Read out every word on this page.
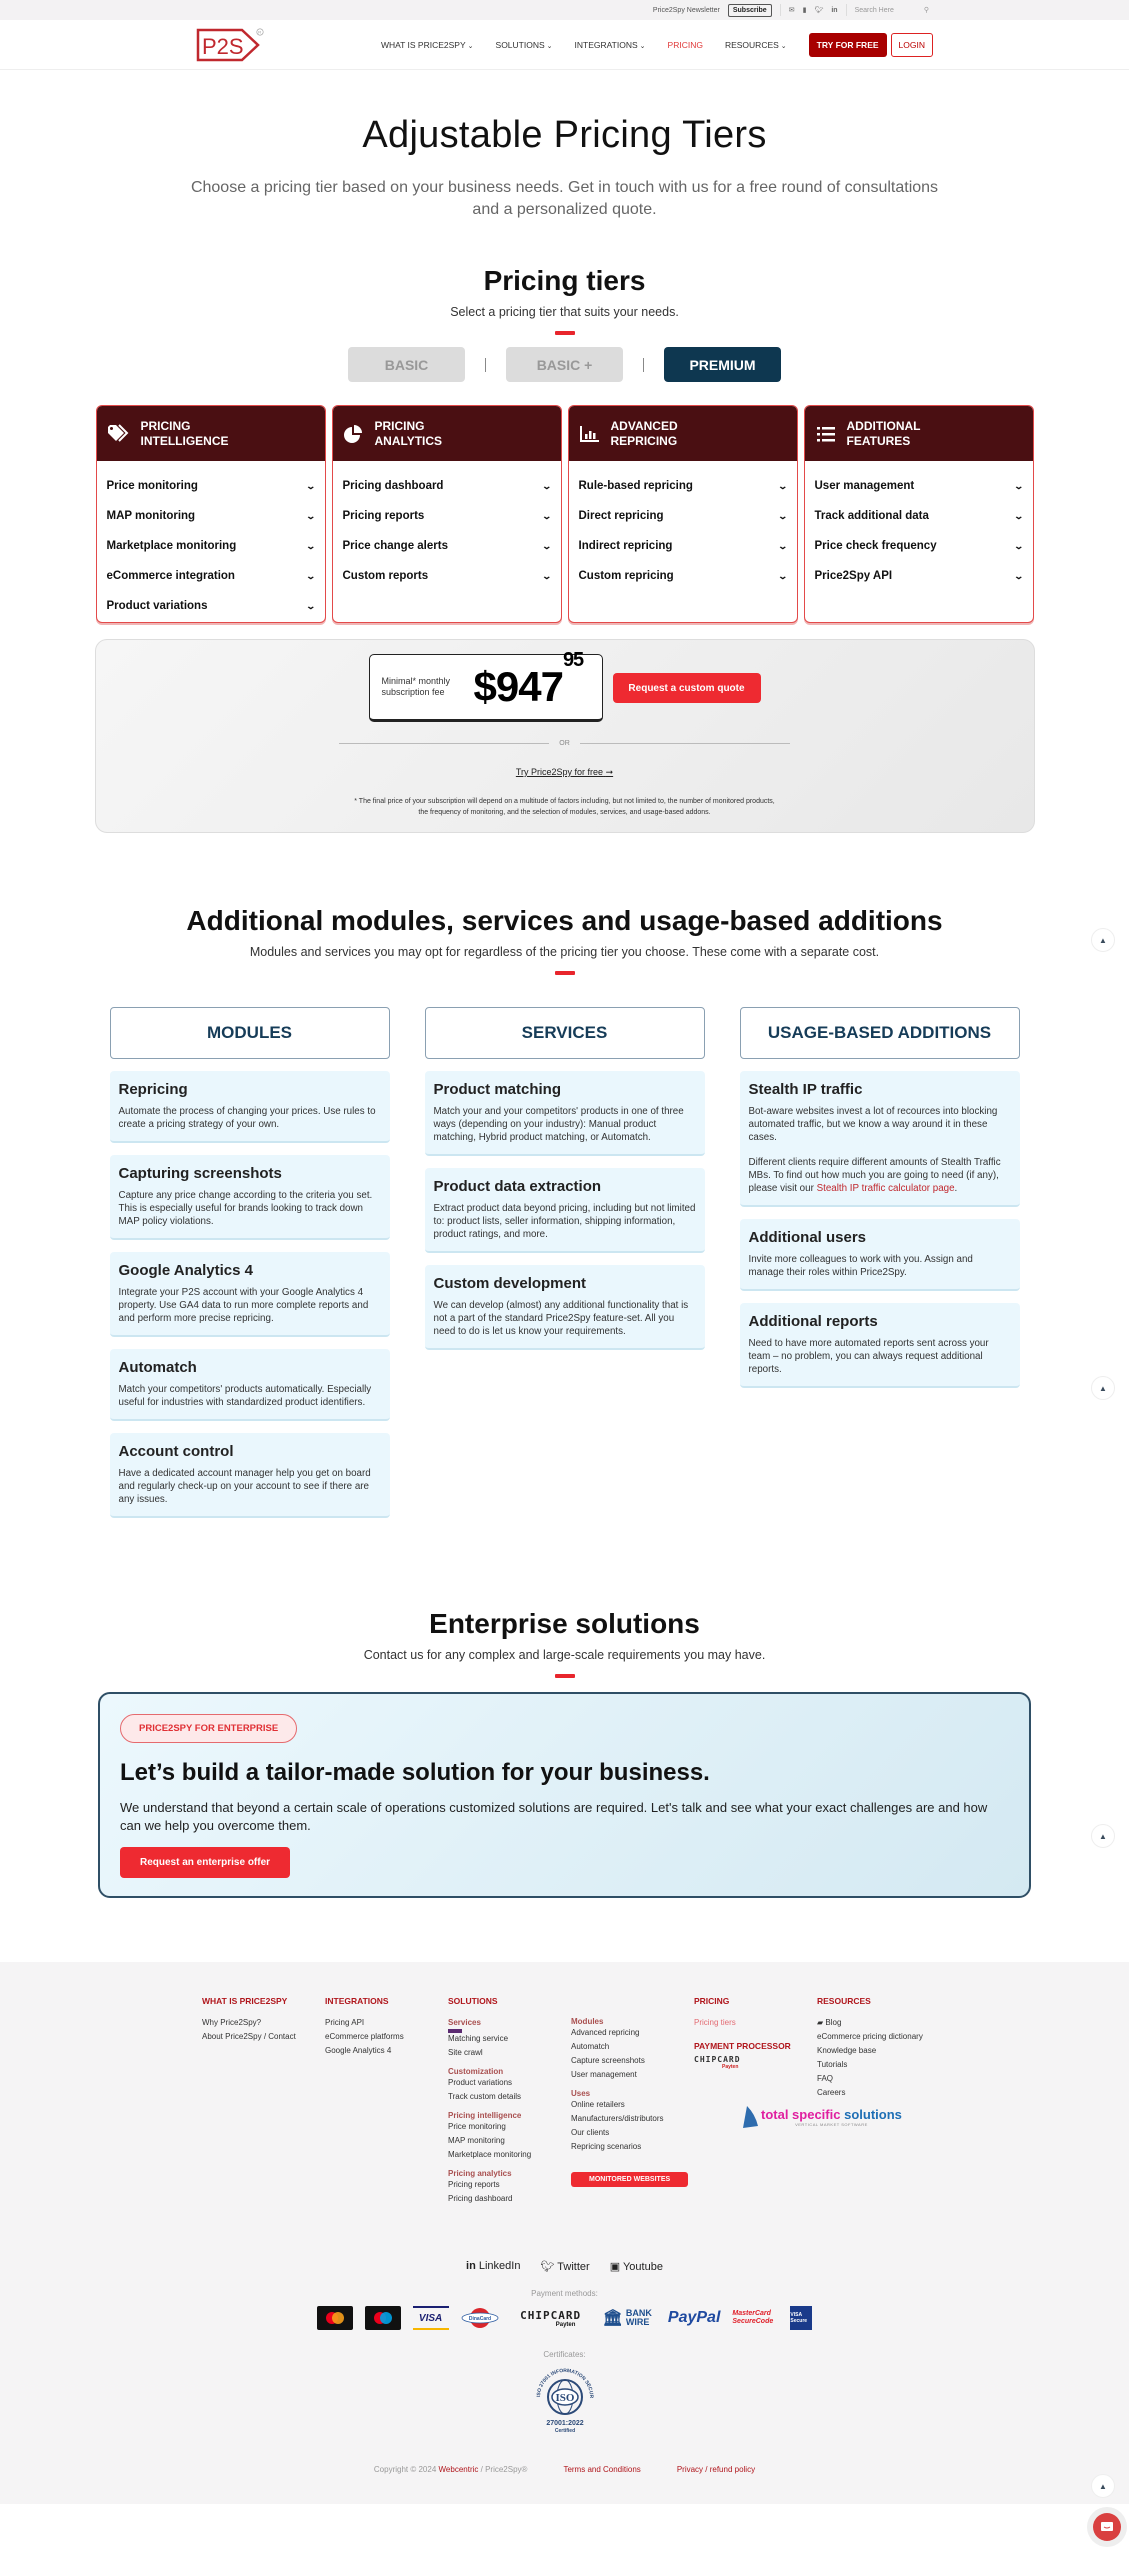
Price2Spy Newsletter	Subscribe	✉ ▮ 🐦︎ in Search Here	⚲
P2S
R
WHAT IS PRICE2SPY ⌄	SOLUTIONS ⌄	INTEGRATIONS ⌄	PRICING	RESOURCES ⌄	TRY FOR FREE	LOGIN
Adjustable Pricing Tiers

Choose a pricing tier based on your business needs. Get in touch with us for a free round of consultations and a personalized quote.

Pricing tiers
Select a pricing tier that suits your needs.
BASIC	BASIC +	PREMIUM
PRICING
INTELLIGENCE
Price monitoring	⌄
MAP monitoring	⌄
Marketplace monitoring	⌄
eCommerce integration	⌄
Product variations	⌄
PRICING
ANALYTICS
Pricing dashboard	⌄
Pricing reports	⌄
Price change alerts	⌄
Custom reports	⌄
ADVANCED
REPRICING
Rule-based repricing	⌄
Direct repricing	⌄
Indirect repricing	⌄
Custom repricing	⌄
ADDITIONAL
FEATURES
User management	⌄
Track additional data	⌄
Price check frequency	⌄
Price2Spy API	⌄
Minimal* monthly subscription fee $\$947^{95}$
Request a custom quote
OR
Try Price2Spy for free ➞
* The final price of your subscription will depend on a multitude of factors including, but not limited to, the number of monitored products,
the frequency of monitoring, and the selection of modules, services, and usage-based addons.
Additional modules, services and usage-based additions
Modules and services you may opt for regardless of the pricing tier you choose. These come with a separate cost.
MODULES
Repricing

Automate the process of changing your prices. Use rules to create a pricing strategy of your own.

Capturing screenshots

Capture any price change according to the criteria you set. This is especially useful for brands looking to track down MAP policy violations.

Google Analytics 4

Integrate your P2S account with your Google Analytics 4 property. Use GA4 data to run more complete reports and and perform more precise repricing.

Automatch

Match your competitors' products automatically. Especially useful for industries with standardized product identifiers.

Account control

Have a dedicated account manager help you get on board and regularly check-up on your account to see if there are any issues.

SERVICES
Product matching

Match your and your competitors' products in one of three ways (depending on your industry): Manual product matching, Hybrid product matching, or Automatch.

Product data extraction

Extract product data beyond pricing, including but not limited to: product lists, seller information, shipping information, product ratings, and more.

Custom development

We can develop (almost) any additional functionality that is not a part of the standard Price2Spy feature-set. All you need to do is let us know your requirements.

USAGE-BASED ADDITIONS
Stealth IP traffic

Bot-aware websites invest a lot of recources into blocking automated traffic, but we know a way around it in these cases.

Different clients require different amounts of Stealth Traffic MBs. To find out how much you are going to need (if any), please visit our Stealth IP traffic calculator page.

Additional users

Invite more colleagues to work with you. Assign and manage their roles within Price2Spy.

Additional reports

Need to have more automated reports sent across your team – no problem, you can always request additional reports.

Enterprise solutions
Contact us for any complex and large-scale requirements you may have.
PRICE2SPY FOR ENTERPRISE
Let’s build a tailor-made solution for your business.

We understand that beyond a certain scale of operations customized solutions are required. Let's talk and see what your exact challenges are and how can we help you overcome them.

Request an enterprise offer
WHAT IS PRICE2SPY
Why Price2Spy?
About Price2Spy / Contact
INTEGRATIONS
Pricing API
eCommerce platforms
Google Analytics 4
SOLUTIONS
Services
Matching service
Site crawl
Customization
Product variations
Track custom details
Pricing intelligence
Price monitoring
MAP monitoring
Marketplace monitoring
Pricing analytics
Pricing reports
Pricing dashboard
Modules
Advanced repricing
Automatch
Capture screenshots
User management
Uses
Online retailers
Manufacturers/distributors
Our clients
Repricing scenarios
MONITORED WEBSITES
PRICING
Pricing tiers
PAYMENT PROCESSOR
CHIPCARD
Payten
RESOURCES
▰ Blog
eCommerce pricing dictionary
Knowledge base
Tutorials
FAQ
Careers
total specific solutions
VERTICAL MARKET SOFTWARE
in LinkedIn 🐦︎ Twitter ▣ Youtube
Payment methods:
VISA	DinaCard	CHIPCARD
Payten 🏛︎ BANK WIRE	PayPal MasterCard SecureCode
VISA Secure
Certificates:
ISO 27001 INFORMATION SECUR
ISO
27001:2022
Certified
Copyright © 2024 Webcentric / Price2Spy®	Terms and Conditions	Privacy / refund policy
▲
▲
▲
▲
